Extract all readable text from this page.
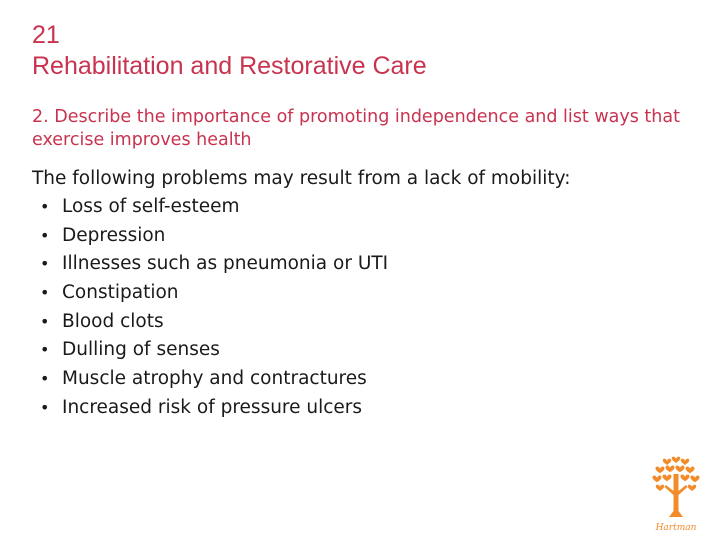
21
Rehabilitation and Restorative Care
2. Describe the importance of promoting independence and list ways that exercise improves health
The following problems may result from a lack of mobility:
• Loss of self-esteem
• Depression
• Illnesses such as pneumonia or UTI
• Constipation
• Blood clots
• Dulling of senses
• Muscle atrophy and contractures
• Increased risk of pressure ulcers
Hartman
